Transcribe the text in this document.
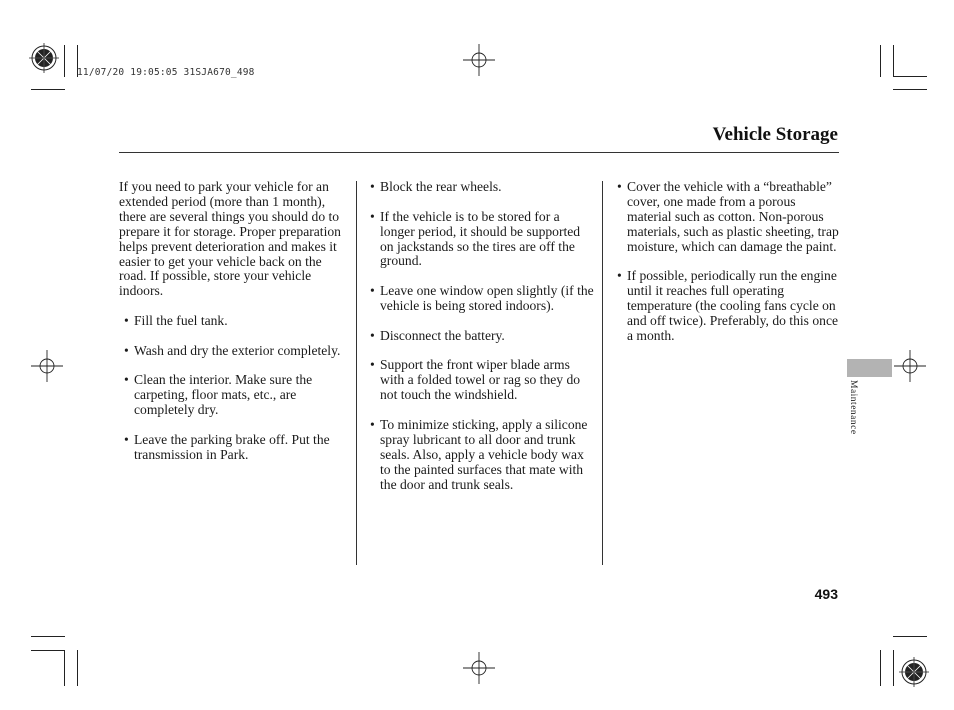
11/07/20 19:05:05 31SJA670_498
Vehicle Storage

If you need to park your vehicle for an extended period (more than 1 month), there are several things you should do to prepare it for storage. Proper preparation helps prevent deterioration and makes it easier to get your vehicle back on the road. If possible, store your vehicle indoors.

• Fill the fuel tank.
• Wash and dry the exterior completely.
• Clean the interior. Make sure the carpeting, floor mats, etc., are completely dry.
• Leave the parking brake off. Put the transmission in Park.
• Block the rear wheels.
• If the vehicle is to be stored for a longer period, it should be supported on jackstands so the tires are off the ground.
• Leave one window open slightly (if the vehicle is being stored indoors).
• Disconnect the battery.
• Support the front wiper blade arms with a folded towel or rag so they do not touch the windshield.
• To minimize sticking, apply a silicone spray lubricant to all door and trunk seals. Also, apply a vehicle body wax to the painted surfaces that mate with the door and trunk seals.
• Cover the vehicle with a “breathable” cover, one made from a porous material such as cotton. Non-porous materials, such as plastic sheeting, trap moisture, which can damage the paint.
• If possible, periodically run the engine until it reaches full operating temperature (the cooling fans cycle on and off twice). Preferably, do this once a month.
Maintenance
493
